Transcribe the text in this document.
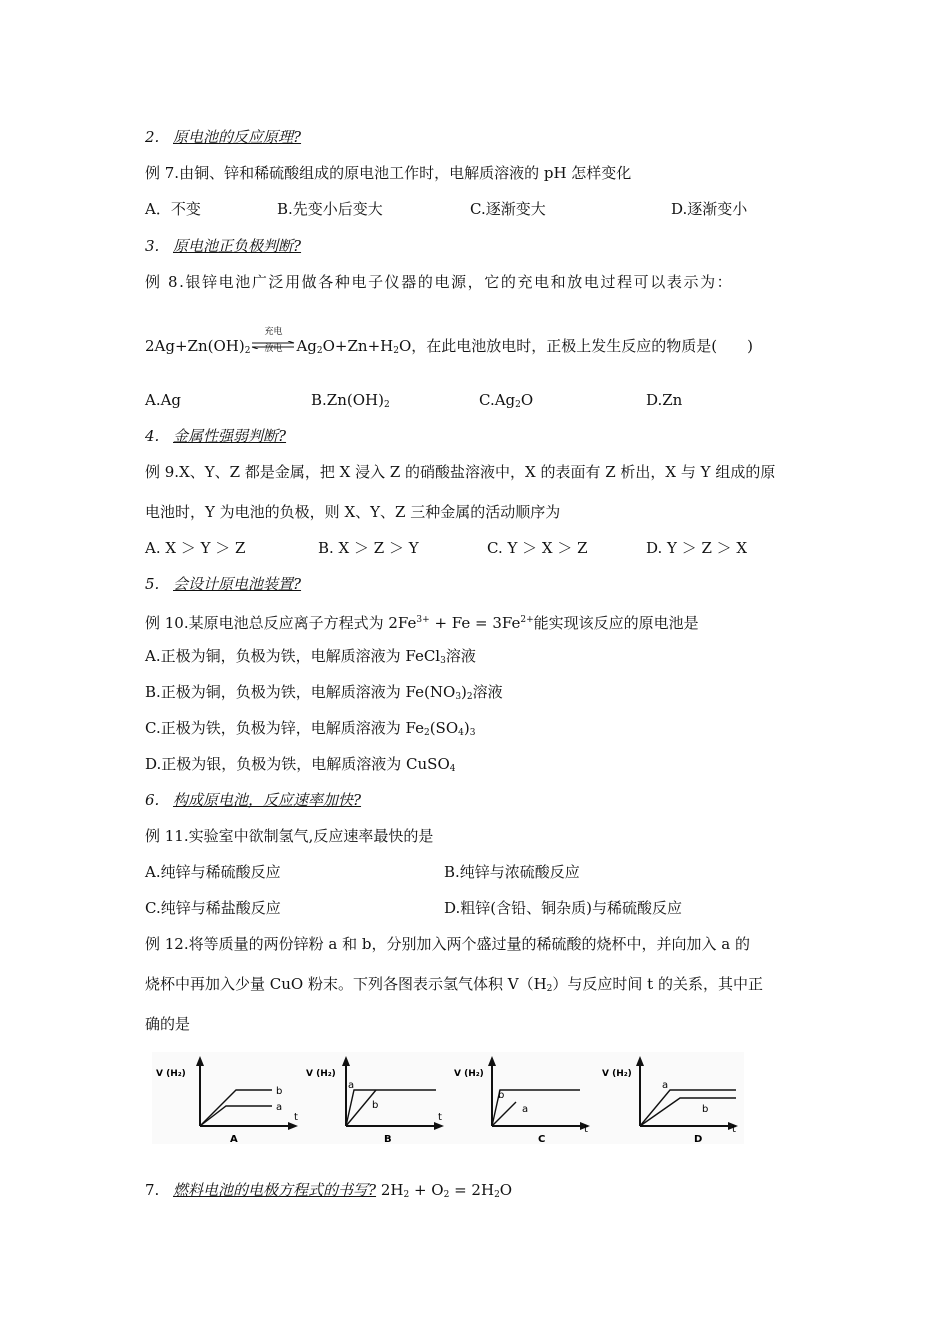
2. 原电池的反应原理?
例 7.由铜、锌和稀硫酸组成的原电池工作时，电解质溶液的 pH 怎样变化
A．不变	B.先变小后变大	C.逐渐变大	D.逐渐变小
3. 原电池正负极判断?
例 8.银锌电池广泛用做各种电子仪器的电源，它的充电和放电过程可以表示为：
$2Ag+Zn(OH)_2$
充电
放电 $Ag_2O+Zn+H_2O$，在此电池放电时，正极上发生反应的物质是(　　)
A.Ag	$B.Zn(OH)_2$	$C.Ag_2O$	D.Zn
4. 金属性强弱判断?
例 9.X、Y、Z 都是金属，把 X 浸入 Z 的硝酸盐溶液中，X 的表面有 Z 析出，X 与 Y 组成的原
电池时，Y 为电池的负极，则 X、Y、Z 三种金属的活动顺序为
A. X ＞ Y ＞ Z	B. X ＞ Z ＞ Y	C. Y ＞ X ＞ Z	D. Y ＞ Z ＞ X
5. 会设计原电池装置?
例 10.某原电池总反应离子方程式为 $2Fe^{3+} + Fe = 3Fe^{2+}$能实现该反应的原电池是
A.正极为铜，负极为铁，电解质溶液为 FeCl$_3$溶液
B.正极为铜，负极为铁，电解质溶液为 $Fe(NO_3)_2$溶液
C.正极为铁，负极为锌，电解质溶液为 $Fe_2(SO_4)_3$
D.正极为银，负极为铁，电解质溶液为 CuSO$_4$
6. 构成原电池，反应速率加快?
例 11.实验室中欲制氢气,反应速率最快的是
A.纯锌与稀硫酸反应	B.纯锌与浓硫酸反应
C.纯锌与稀盐酸反应	D.粗锌(含铅、铜杂质)与稀硫酸反应
例 12.将等质量的两份锌粉 a 和 b，分别加入两个盛过量的稀硫酸的烧杯中，并向加入 a 的
烧杯中再加入少量 CuO 粉末。下列各图表示氢气体积 $V(H_2)$与反应时间 t 的关系，其中正
确的是
V (H₂)
b
a
t
A
V (H₂)
a
b
t
B
V (H₂)
b
a
t
C
V (H₂)
a
b
t
D
7. 燃料电池的电极方程式的书写? $2H_2 + O_2 = 2H_2O$
